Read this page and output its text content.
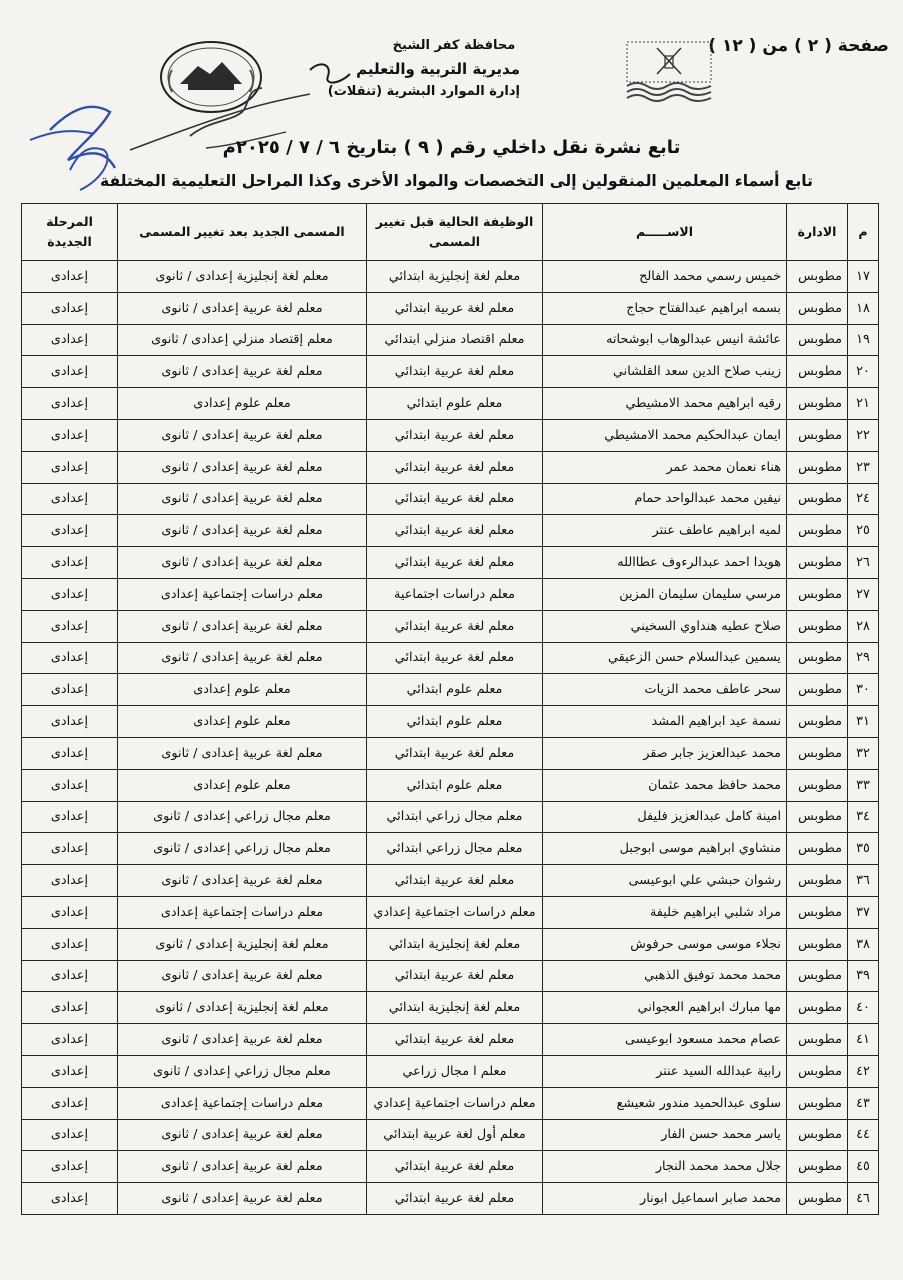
صفحة ( ٢ ) من ( ١٢ )
محافظة كفر الشيخ
مديرية التربية والتعليم
إدارة الموارد البشرية (تنقلات)
تابع نشرة نقل داخلي رقم ( ٩ ) بتاريخ ٦ / ٧ / ٢٠٢٥م
تابع أسماء المعلمين المنقولين إلى التخصصات والمواد الأخرى وكذا المراحل التعليمية المختلفة
م	الادارة	الاســـــم	الوظيفة الحالية قبل تغيير المسمى	المسمى الجديد بعد تغيير المسمى	المرحلة الجديدة
١٧	مطوبس	خميس رسمي محمد الفالح	معلم لغة إنجليزية ابتدائي	معلم لغة إنجليزية إعدادى / ثانوى	إعدادى
١٨	مطوبس	بسمه ابراهيم عبدالفتاح حجاج	معلم لغة عربية ابتدائي	معلم لغة عربية إعدادى / ثانوى	إعدادى
١٩	مطوبس	عائشة انيس عبدالوهاب ابوشحاته	معلم اقتصاد منزلي ابتدائي	معلم إقتصاد منزلي إعدادى / ثانوى	إعدادى
٢٠	مطوبس	زينب صلاح الدين سعد القلشاني	معلم لغة عربية ابتدائي	معلم لغة عربية إعدادى / ثانوى	إعدادى
٢١	مطوبس	رقيه ابراهيم محمد الامشيطي	معلم علوم ابتدائي	معلم علوم إعدادى	إعدادى
٢٢	مطوبس	ايمان عبدالحكيم محمد الامشيطي	معلم لغة عربية ابتدائي	معلم لغة عربية إعدادى / ثانوى	إعدادى
٢٣	مطوبس	هناء نعمان محمد عمر	معلم لغة عربية ابتدائي	معلم لغة عربية إعدادى / ثانوى	إعدادى
٢٤	مطوبس	نيفين محمد عبدالواحد حمام	معلم لغة عربية ابتدائي	معلم لغة عربية إعدادى / ثانوى	إعدادى
٢٥	مطوبس	لميه ابراهيم عاطف عنتر	معلم لغة عربية ابتدائي	معلم لغة عربية إعدادى / ثانوى	إعدادى
٢٦	مطوبس	هويدا احمد عبدالرءوف عطاالله	معلم لغة عربية ابتدائي	معلم لغة عربية إعدادى / ثانوى	إعدادى
٢٧	مطوبس	مرسي سليمان سليمان المزين	معلم دراسات اجتماعية	معلم دراسات إجتماعية إعدادى	إعدادى
٢٨	مطوبس	صلاح عطيه هنداوي السخيني	معلم لغة عربية ابتدائي	معلم لغة عربية إعدادى / ثانوى	إعدادى
٢٩	مطوبس	يسمين عبدالسلام حسن الزعيقي	معلم لغة عربية ابتدائي	معلم لغة عربية إعدادى / ثانوى	إعدادى
٣٠	مطوبس	سحر عاطف محمد الزيات	معلم علوم ابتدائي	معلم علوم إعدادى	إعدادى
٣١	مطوبس	نسمة عيد ابراهيم المشد	معلم علوم ابتدائي	معلم علوم إعدادى	إعدادى
٣٢	مطوبس	محمد عبدالعزيز جابر صقر	معلم لغة عربية ابتدائي	معلم لغة عربية إعدادى / ثانوى	إعدادى
٣٣	مطوبس	محمد حافظ محمد عثمان	معلم علوم ابتدائي	معلم علوم إعدادى	إعدادى
٣٤	مطوبس	امينة كامل عبدالعزيز فليفل	معلم مجال زراعي ابتدائي	معلم مجال زراعي إعدادى / ثانوى	إعدادى
٣٥	مطوبس	منشاوي ابراهيم موسى ابوجبل	معلم مجال زراعي ابتدائي	معلم مجال زراعي إعدادى / ثانوى	إعدادى
٣٦	مطوبس	رشوان حبشي علي ابوعيسى	معلم لغة عربية ابتدائي	معلم لغة عربية إعدادى / ثانوى	إعدادى
٣٧	مطوبس	مراد شلبي ابراهيم خليفة	معلم دراسات اجتماعية إعدادي	معلم دراسات إجتماعية إعدادى	إعدادى
٣٨	مطوبس	نجلاء موسى موسى حرفوش	معلم لغة إنجليزية ابتدائي	معلم لغة إنجليزية إعدادى / ثانوى	إعدادى
٣٩	مطوبس	محمد محمد توفيق الذهبي	معلم لغة عربية ابتدائي	معلم لغة عربية إعدادى / ثانوى	إعدادى
٤٠	مطوبس	مها مبارك ابراهيم العجواني	معلم لغة إنجليزية ابتدائي	معلم لغة إنجليزية إعدادى / ثانوى	إعدادى
٤١	مطوبس	عصام محمد مسعود ابوعيسى	معلم لغة عربية ابتدائي	معلم لغة عربية إعدادى / ثانوى	إعدادى
٤٢	مطوبس	رابية عبدالله السيد عنتر	معلم ا مجال زراعي	معلم مجال زراعي إعدادى / ثانوى	إعدادى
٤٣	مطوبس	سلوى عبدالحميد مندور شعيشع	معلم دراسات اجتماعية إعدادي	معلم دراسات إجتماعية إعدادى	إعدادى
٤٤	مطوبس	ياسر محمد حسن الفار	معلم أول لغة عربية ابتدائي	معلم لغة عربية إعدادى / ثانوى	إعدادى
٤٥	مطوبس	جلال محمد محمد النجار	معلم لغة عربية ابتدائي	معلم لغة عربية إعدادى / ثانوى	إعدادى
٤٦	مطوبس	محمد صابر اسماعيل ابونار	معلم لغة عربية ابتدائي	معلم لغة عربية إعدادى / ثانوى	إعدادى
